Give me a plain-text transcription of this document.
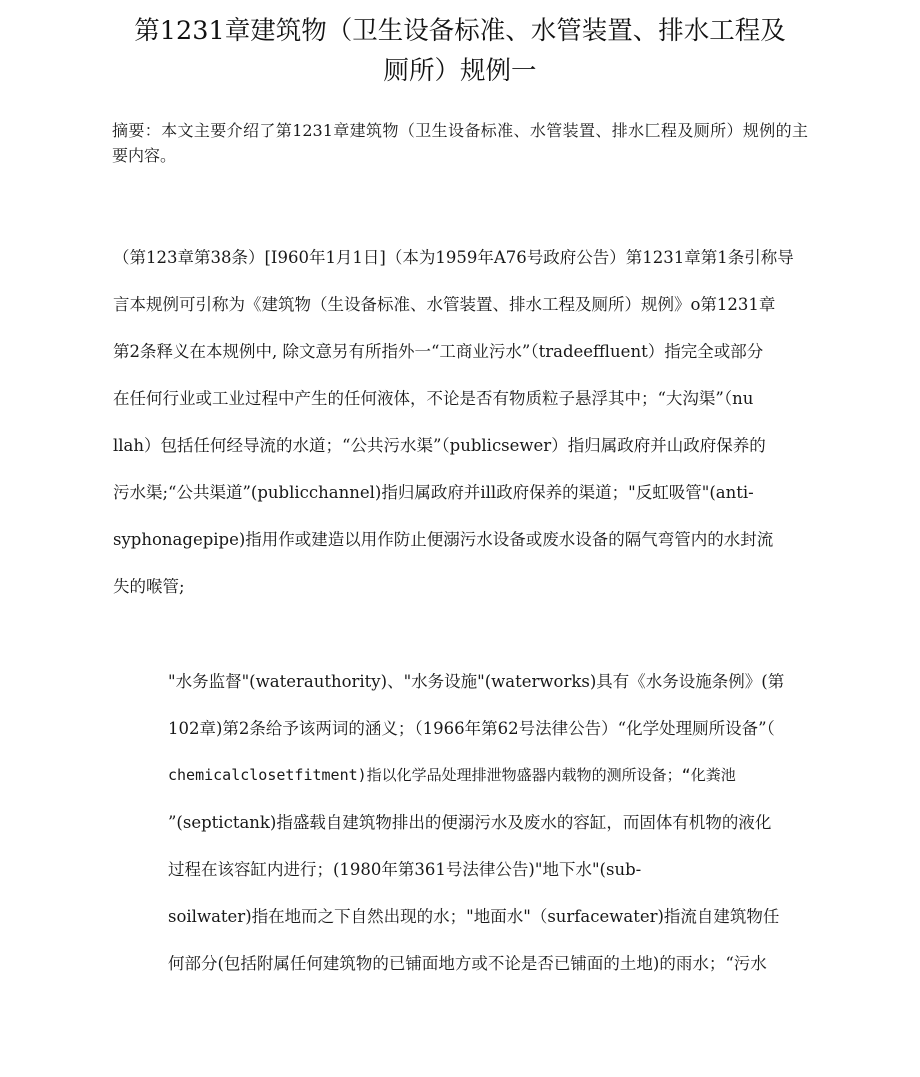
第1231章建筑物（卫生设备标准、水管装置、排水工程及
厕所）规例一

摘要：本文主要介绍了第1231章建筑物（卫生设备标准、水管装置、排水匚程及厕所）规例的主要内容。

（第123章第38条）[I960年1月1日]（本为1959年A76号政府公告）第1231章第1条引称导
言本规例可引称为《建筑物（生设备标准、水管装置、排水工程及厕所）规例》o第1231章
第2条释义在本规例中, 除文意另有所指外一“工商业污水”（tradeeffluent）指完全或部分
在任何行业或工业过程中产生的任何液体，不论是否有物质粒子悬浮其中；“大沟渠”（nu
llah）包括任何经导流的水道；“公共污水渠”（publicsewer）指归属政府并山政府保养的
污水渠;“公共渠道”(publicchannel)指归属政府并ill政府保养的渠道；"反虹吸管"(anti-
syphonagepipe)指用作或建造以用作防止便溺污水设备或废水设备的隔气弯管内的水封流
失的喉管;
"水务监督"(waterauthority)、"水务设施"(waterworks)具有《水务设施条例》(第
102章)第2条给予该两词的涵义；（1966年第62号法律公告）“化学处理厕所设备”（
chemicalclosetfitment)指以化学品处理排泄物盛器内载物的测所设备；“化粪池
”(septictank)指盛载自建筑物排出的便溺污水及废水的容缸，而固体有机物的液化
过程在该容缸内进行；(1980年第361号法律公告)"地下水"(sub-
soilwater)指在地而之下自然出现的水；"地面水"（surfacewater)指流自建筑物任
何部分(包括附属任何建筑物的已铺面地方或不论是否已铺面的土地)的雨水；“污水
